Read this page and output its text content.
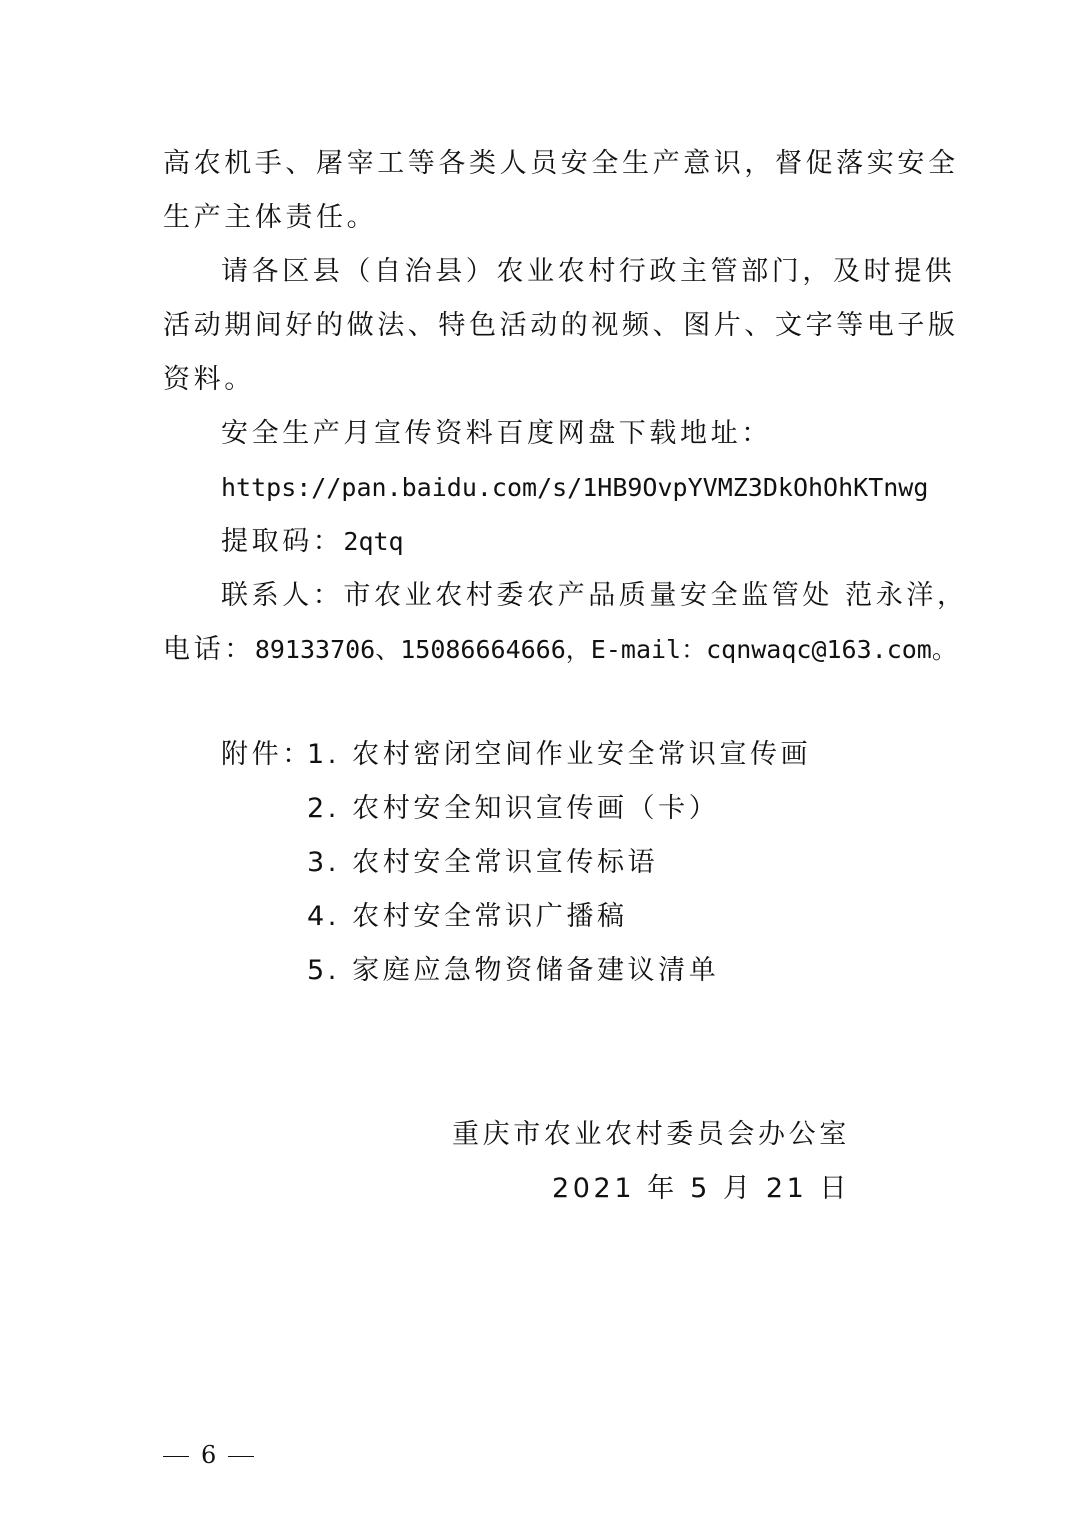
高农机手、屠宰工等各类人员安全生产意识，督促落实安全
生产主体责任。
请各区县（自治县）农业农村行政主管部门，及时提供
活动期间好的做法、特色活动的视频、图片、文字等电子版
资料。
安全生产月宣传资料百度网盘下载地址：
https://pan.baidu.com/s/1HB9OvpYVMZ3DkOhOhKTnwg
提取码：2qtq
联系人：市农业农村委农产品质量安全监管处 范永洋，
电话：89133706、15086664666，E-mail：cqnwaqc@163.com。
附件：
1. 农村密闭空间作业安全常识宣传画
2. 农村安全知识宣传画（卡）
3. 农村安全常识宣传标语
4. 农村安全常识广播稿
5. 家庭应急物资储备建议清单
重庆市农业农村委员会办公室
2021 年 5 月 21 日
6
